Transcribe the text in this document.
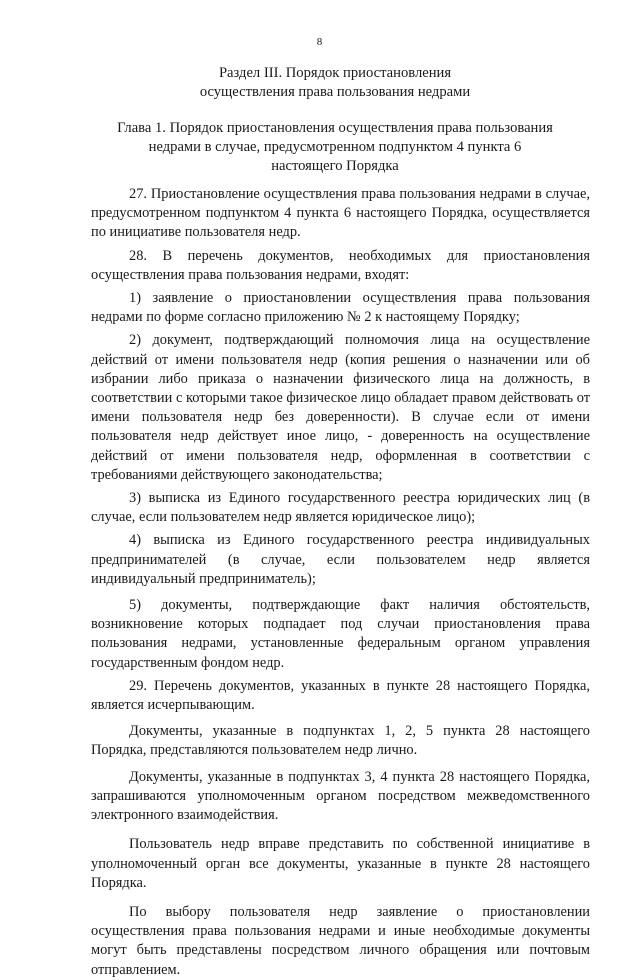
8
Раздел III. Порядок приостановления
осуществления права пользования недрами
Глава 1. Порядок приостановления осуществления права пользования
недрами в случае, предусмотренном подпунктом 4 пункта 6
настоящего Порядка

27. Приостановление осуществления права пользования недрами в случае, предусмотренном подпунктом 4 пункта 6 настоящего Порядка, осуществляется по инициативе пользователя недр.

28. В перечень документов, необходимых для приостановления осуществления права пользования недрами, входят:

1) заявление о приостановлении осуществления права пользования недрами по форме согласно приложению № 2 к настоящему Порядку;

2) документ, подтверждающий полномочия лица на осуществление действий от имени пользователя недр (копия решения о назначении или об избрании либо приказа о назначении физического лица на должность, в соответствии с которыми такое физическое лицо обладает правом действовать от имени пользователя недр без доверенности). В случае если от имени пользователя недр действует иное лицо, - доверенность на осуществление действий от имени пользователя недр, оформленная в соответствии с требованиями действующего законодательства;

3) выписка из Единого государственного реестра юридических лиц (в случае, если пользователем недр является юридическое лицо);

4) выписка из Единого государственного реестра индивидуальных предпринимателей (в случае, если пользователем недр является индивидуальный предприниматель);

5) документы, подтверждающие факт наличия обстоятельств, возникновение которых подпадает под случаи приостановления права пользования недрами, установленные федеральным органом управления государственным фондом недр.

29. Перечень документов, указанных в пункте 28 настоящего Порядка, является исчерпывающим.

Документы, указанные в подпунктах 1, 2, 5 пункта 28 настоящего Порядка, представляются пользователем недр лично.

Документы, указанные в подпунктах 3, 4 пункта 28 настоящего Порядка, запрашиваются уполномоченным органом посредством межведомственного электронного взаимодействия.

Пользователь недр вправе представить по собственной инициативе в уполномоченный орган все документы, указанные в пункте 28 настоящего Порядка.

По выбору пользователя недр заявление о приостановлении осуществления права пользования недрами и иные необходимые документы могут быть представлены посредством личного обращения или почтовым отправлением.
